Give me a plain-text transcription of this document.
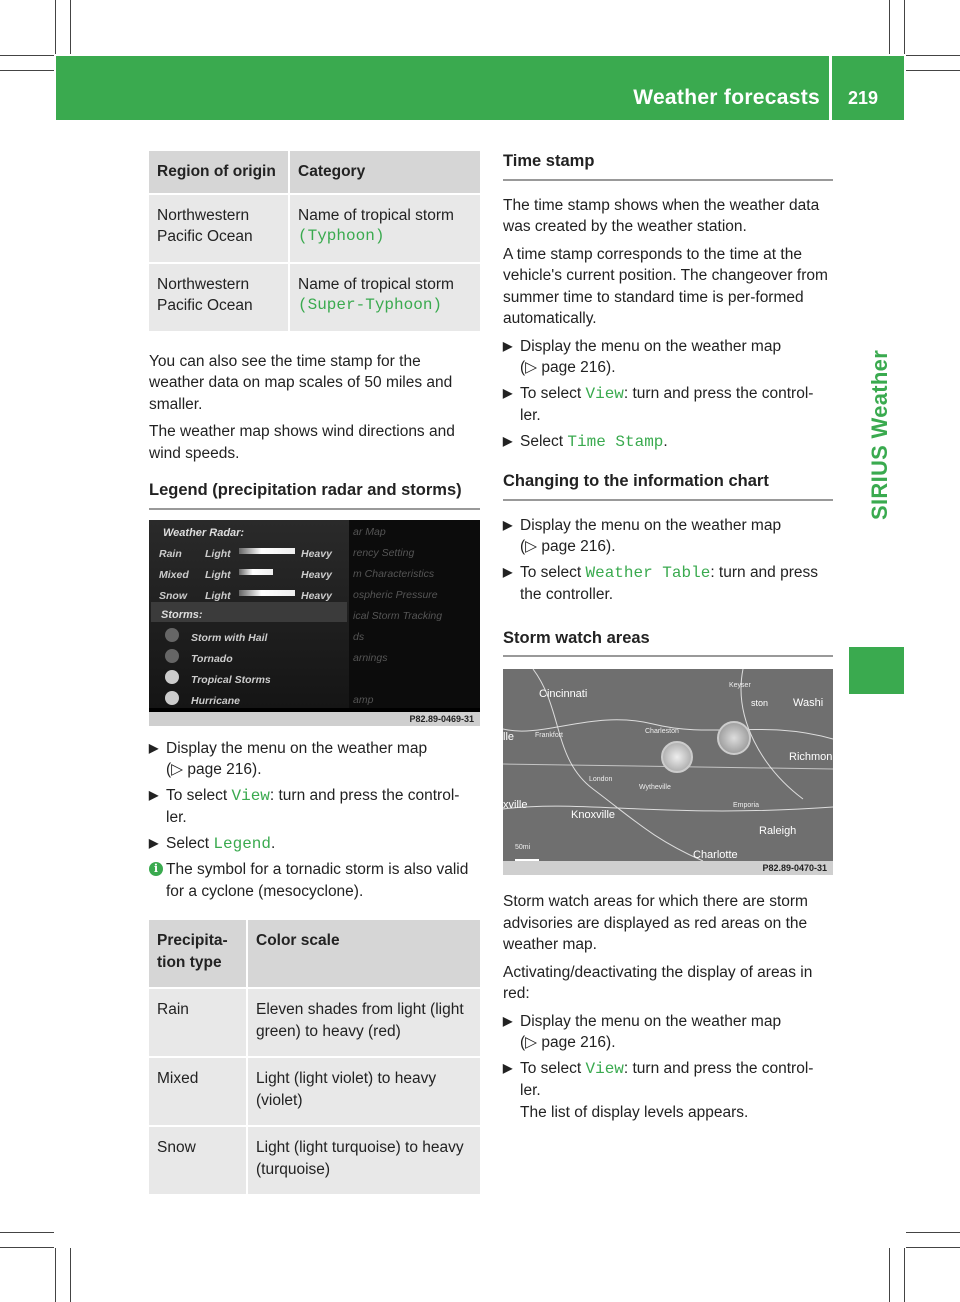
Weather forecasts 219
SIRIUS Weather
Region of origin	Category
Northwestern Pacific Ocean	Name of tropical storm
(Typhoon)

Northwestern Pacific Ocean	Name of tropical storm
(Super-Typhoon)

You can also see the time stamp for the weather data on map scales of 50 miles and smaller.

The weather map shows wind directions and wind speeds.

Legend (precipitation radar and storms)
Weather Radar:
Rain Light	Heavy
Mixed Light	Heavy
Snow Light	Heavy
Storms:
Storm with Hail
Tornado
Tropical Storms
Hurricane
ar Map
rency Setting
m Characteristics
ospheric Pressure
ical Storm Tracking
ds
arnings
amp
P82.89-0469-31
▶ Display the menu on the weather map
(▷ page 216).
▶ To select View: turn and press the control-ler.
▶ Select Legend.
i The symbol for a tornadic storm is also valid for a cyclone (mesocyclone).
Precipita-tion type	Color scale
Rain	Eleven shades from light (light green) to heavy (red)
Mixed	Light (light violet) to heavy (violet)
Snow	Light (light turquoise) to heavy (turquoise)
Time stamp

The time stamp shows when the weather data was created by the weather station.

A time stamp corresponds to the time at the vehicle's current position. The changeover from summer time to standard time is per-formed automatically.

▶ Display the menu on the weather map
(▷ page 216).
▶ To select View: turn and press the control-ler.
▶ Select Time Stamp.
Changing to the information chart
▶ Display the menu on the weather map
(▷ page 216).
▶ To select Weather Table: turn and press the controller.
Storm watch areas
Cincinnati
Washi
Richmon
Charleston
Knoxville
Raleigh
Charlotte
Keyser
Frankfort
London
Wytheville
Emporia
xville
lle
ston
50mi
P82.89-0470-31

Storm watch areas for which there are storm advisories are displayed as red areas on the weather map.

Activating/deactivating the display of areas in red:

▶ Display the menu on the weather map
(▷ page 216).
▶ To select View: turn and press the control-ler.
The list of display levels appears.
